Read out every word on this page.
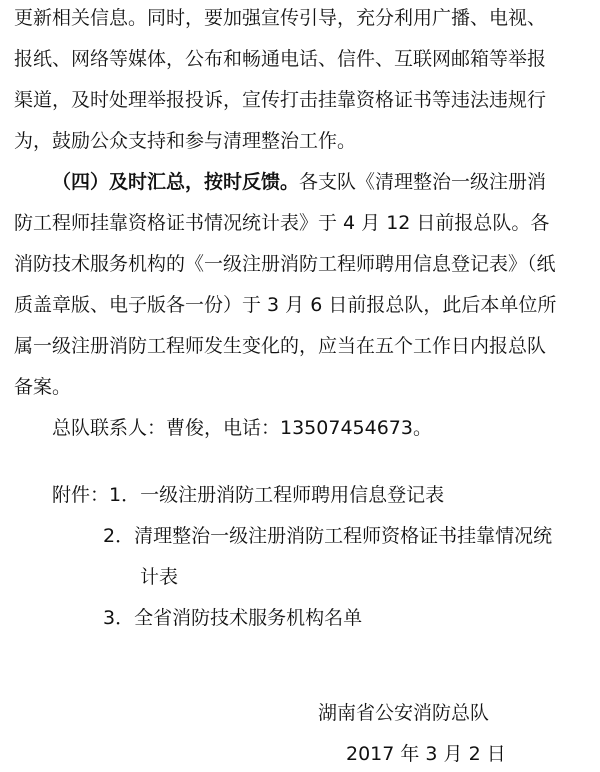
更新相关信息。同时，要加强宣传引导，充分利用广播、电视、
报纸、网络等媒体，公布和畅通电话、信件、互联网邮箱等举报
渠道，及时处理举报投诉，宣传打击挂靠资格证书等违法违规行
为，鼓励公众支持和参与清理整治工作。
（四）及时汇总，按时反馈。各支队《清理整治一级注册消
防工程师挂靠资格证书情况统计表》于 4 月 12 日前报总队。各
消防技术服务机构的《一级注册消防工程师聘用信息登记表》（纸
质盖章版、电子版各一份）于 3 月 6 日前报总队，此后本单位所
属一级注册消防工程师发生变化的，应当在五个工作日内报总队
备案。
总队联系人：曹俊，电话：13507454673。
附件：1．一级注册消防工程师聘用信息登记表
2．清理整治一级注册消防工程师资格证书挂靠情况统
计表
3．全省消防技术服务机构名单
湖南省公安消防总队
2017 年 3 月 2 日
